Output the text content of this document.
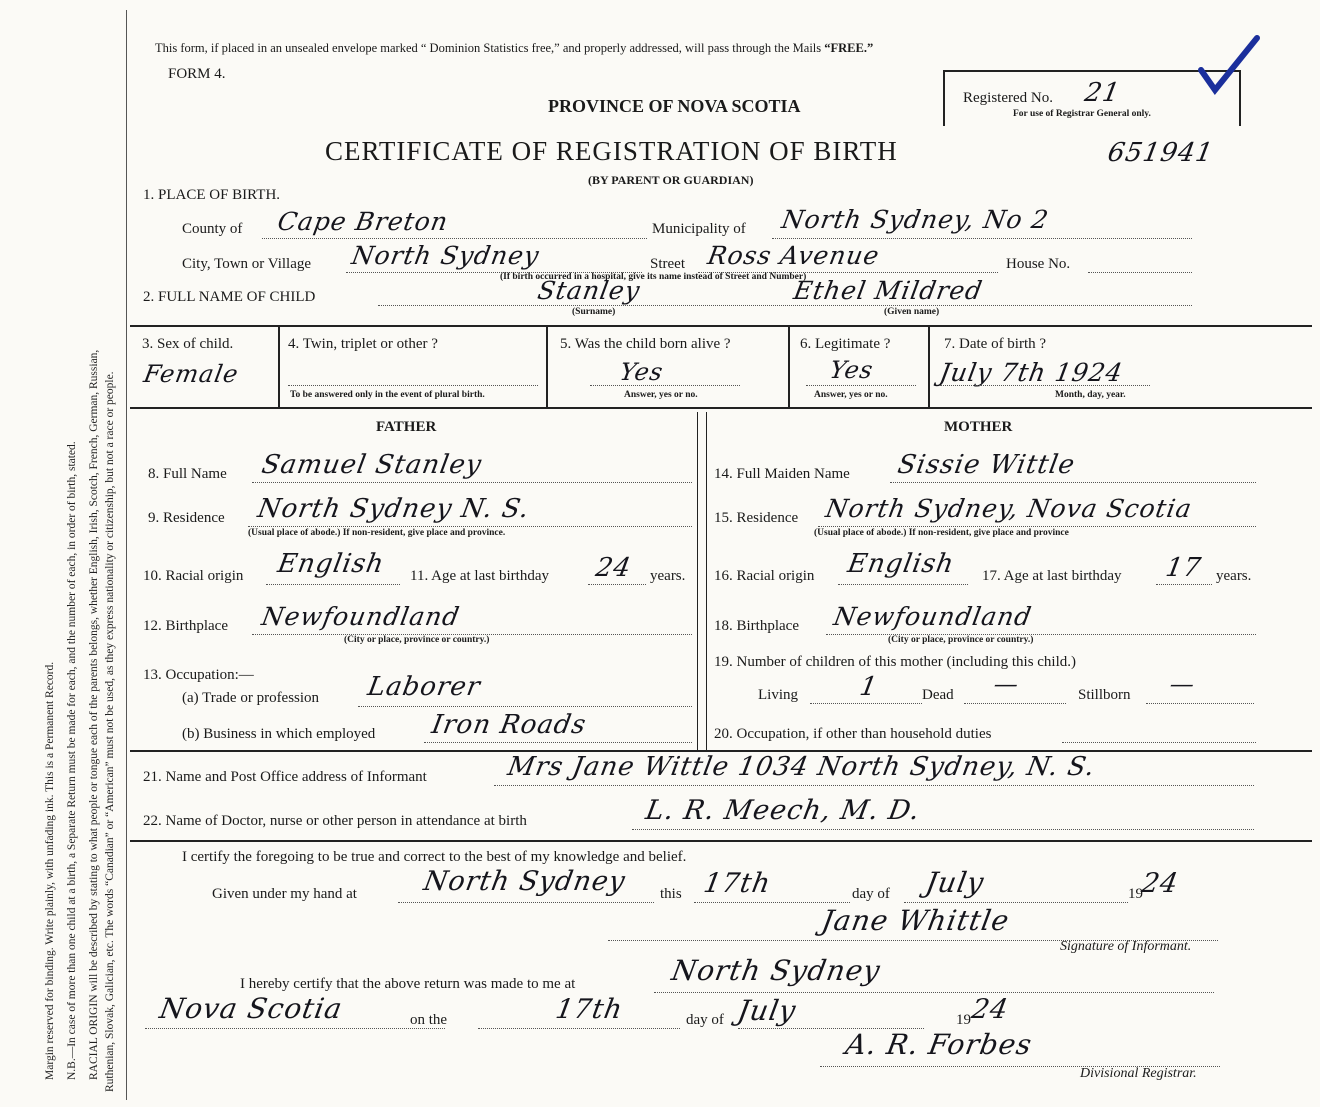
Margin reserved for binding. Write plainly, with unfading ink. This is a Permanent Record. N.B.—In case of more than one child at a birth, a Separate Return must be made for each, and the number of each, in order of birth, stated. RACIAL ORIGIN will be described by stating to what people or tongue each of the parents belongs, whether English, Irish, Scotch, French, German, Russian, Ruthenian, Slovak, Galician, etc. The words “Canadian” or “American” must not be used, as they express nationality or citizenship, but not a race or people.
This form, if placed in an unsealed envelope marked “ Dominion Statistics free,” and properly addressed, will pass through the Mails “FREE.”
FORM 4.
PROVINCE OF NOVA SCOTIA
CERTIFICATE OF REGISTRATION OF BIRTH
(BY PARENT OR GUARDIAN)
Registered No. 21
For use of Registrar General only.
651941
1. PLACE OF BIRTH.
County of Cape Breton	Municipality of North Sydney, No 2
City, Town or Village North Sydney	Street Ross Avenue	House No.
(If birth occurred in a hospital, give its name instead of Street and Number)
2. FULL NAME OF CHILD	Stanley
(Surname)
Ethel Mildred
(Given name)
3. Sex of child.
Female
4. Twin, triplet or other ?
To be answered only in the event of plural birth.
5. Was the child born alive ?
Yes
Answer, yes or no.
6. Legitimate ?
Yes
Answer, yes or no.
7. Date of birth ?
July 7th 1924
Month, day, year.
FATHER	MOTHER
8. Full Name Samuel Stanley
9. Residence North Sydney N. S.
(Usual place of abode.) If non-resident, give place and province.
10. Racial origin English 11. Age at last birthday 24 years.
12. Birthplace Newfoundland
(City or place, province or country.)
13. Occupation:—
(a) Trade or profession Laborer
(b) Business in which employed Iron Roads
14. Full Maiden Name Sissie Wittle
15. Residence North Sydney, Nova Scotia
(Usual place of abode.) If non-resident, give place and province
16. Racial origin English 17. Age at last birthday 17 years.
18. Birthplace Newfoundland
(City or place, province or country.)
19. Number of children of this mother (including this child.)
Living 1	Dead —	Stillborn —
20. Occupation, if other than household duties
21. Name and Post Office address of Informant	Mrs Jane Wittle 1034 North Sydney, N. S.
22. Name of Doctor, nurse or other person in attendance at birth	L. R. Meech, M. D.
I certify the foregoing to be true and correct to the best of my knowledge and belief.
Given under my hand at North Sydney this 17th	day of July	19
24
Jane Whittle
Signature of Informant.
I hereby certify that the above return was made to me at	North Sydney
Nova Scotia	on the	17th	day of July	19
24
A. R. Forbes
Divisional Registrar.
